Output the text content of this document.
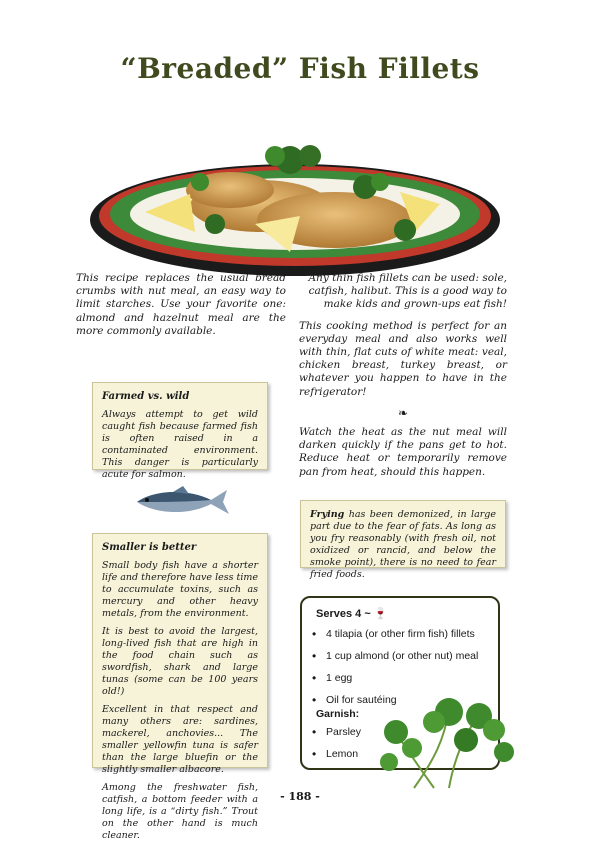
“Breaded” Fish Fillets

This recipe replaces the usual bread crumbs with nut meal, an easy way to limit starches. Use your favorite one: almond and hazelnut meal are the more commonly available.

Any thin fish fillets can be used: sole, catfish, halibut. This is a good way to make kids and grown-ups eat fish!

This cooking method is perfect for an everyday meal and also works well with thin, flat cuts of white meat: veal, chicken breast, turkey breast, or whatever you happen to have in the refrigerator!

❧

Watch the heat as the nut meal will darken quickly if the pans get to hot. Reduce heat or temporarily remove pan from heat, should this happen.

Farmed vs. wild

Always attempt to get wild caught fish because farmed fish is often raised in a contaminated environment. This danger is particularly acute for salmon.

Smaller is better

Small body fish have a shorter life and therefore have less time to accumulate toxins, such as mercury and other heavy metals, from the environment.

It is best to avoid the largest, long-lived fish that are high in the food chain such as swordfish, shark and large tunas (some can be 100 years old!)

Excellent in that respect and many others are: sardines, mackerel, anchovies... The smaller yellowfin tuna is safer than the large bluefin or the slightly smaller albacore.

Among the freshwater fish, catfish, a bottom feeder with a long life, is a “dirty fish.” Trout on the other hand is much cleaner.

Frying has been demonized, in large part due to the fear of fats. As long as you fry reasonably (with fresh oil, not oxidized or rancid, and below the smoke point), there is no need to fear fried foods.

Serves 4 ~ 🍷
• 4 tilapia (or other firm fish) fillets
• 1 cup almond (or other nut) meal
• 1 egg
• Oil for sautéing
Garnish:
• Parsley
• Lemon
- 188 -
